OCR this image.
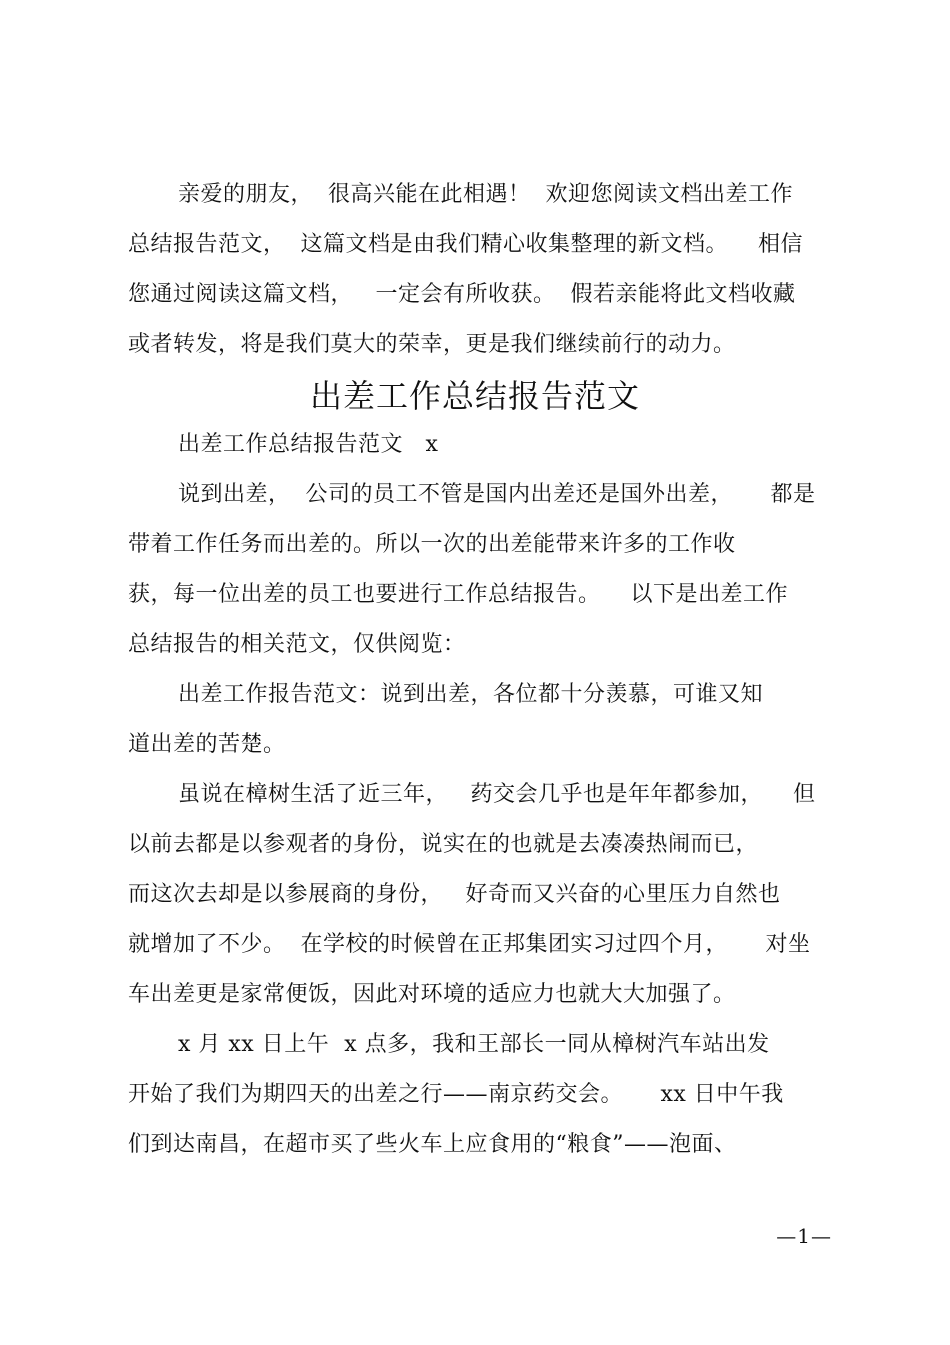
亲爱的朋友，  很高兴能在此相遇！  欢迎您阅读文档出差工作
总结报告范文，  这篇文档是由我们精心收集整理的新文档。    相信
您通过阅读这篇文档，   一定会有所收获。  假若亲能将此文档收藏
或者转发，将是我们莫大的荣幸，更是我们继续前行的动力。
出差工作总结报告范文
出差工作总结报告范文   x
说到出差，  公司的员工不管是国内出差还是国外出差，     都是
带着工作任务而出差的。所以一次的出差能带来许多的工作收
获，每一位出差的员工也要进行工作总结报告。    以下是出差工作
总结报告的相关范文，仅供阅览：
出差工作报告范文：说到出差，各位都十分羡慕，可谁又知
道出差的苦楚。
虽说在樟树生活了近三年，   药交会几乎也是年年都参加，    但
以前去都是以参观者的身份，说实在的也就是去凑凑热闹而已，
而这次去却是以参展商的身份，   好奇而又兴奋的心里压力自然也
就增加了不少。  在学校的时候曾在正邦集团实习过四个月，     对坐
车出差更是家常便饭，因此对环境的适应力也就大大加强了。
x 月 xx 日上午  x 点多，我和王部长一同从樟树汽车站出发
开始了我们为期四天的出差之行——南京药交会。     xx 日中午我
们到达南昌，在超市买了些火车上应食用的“粮食”——泡面、
—1—
